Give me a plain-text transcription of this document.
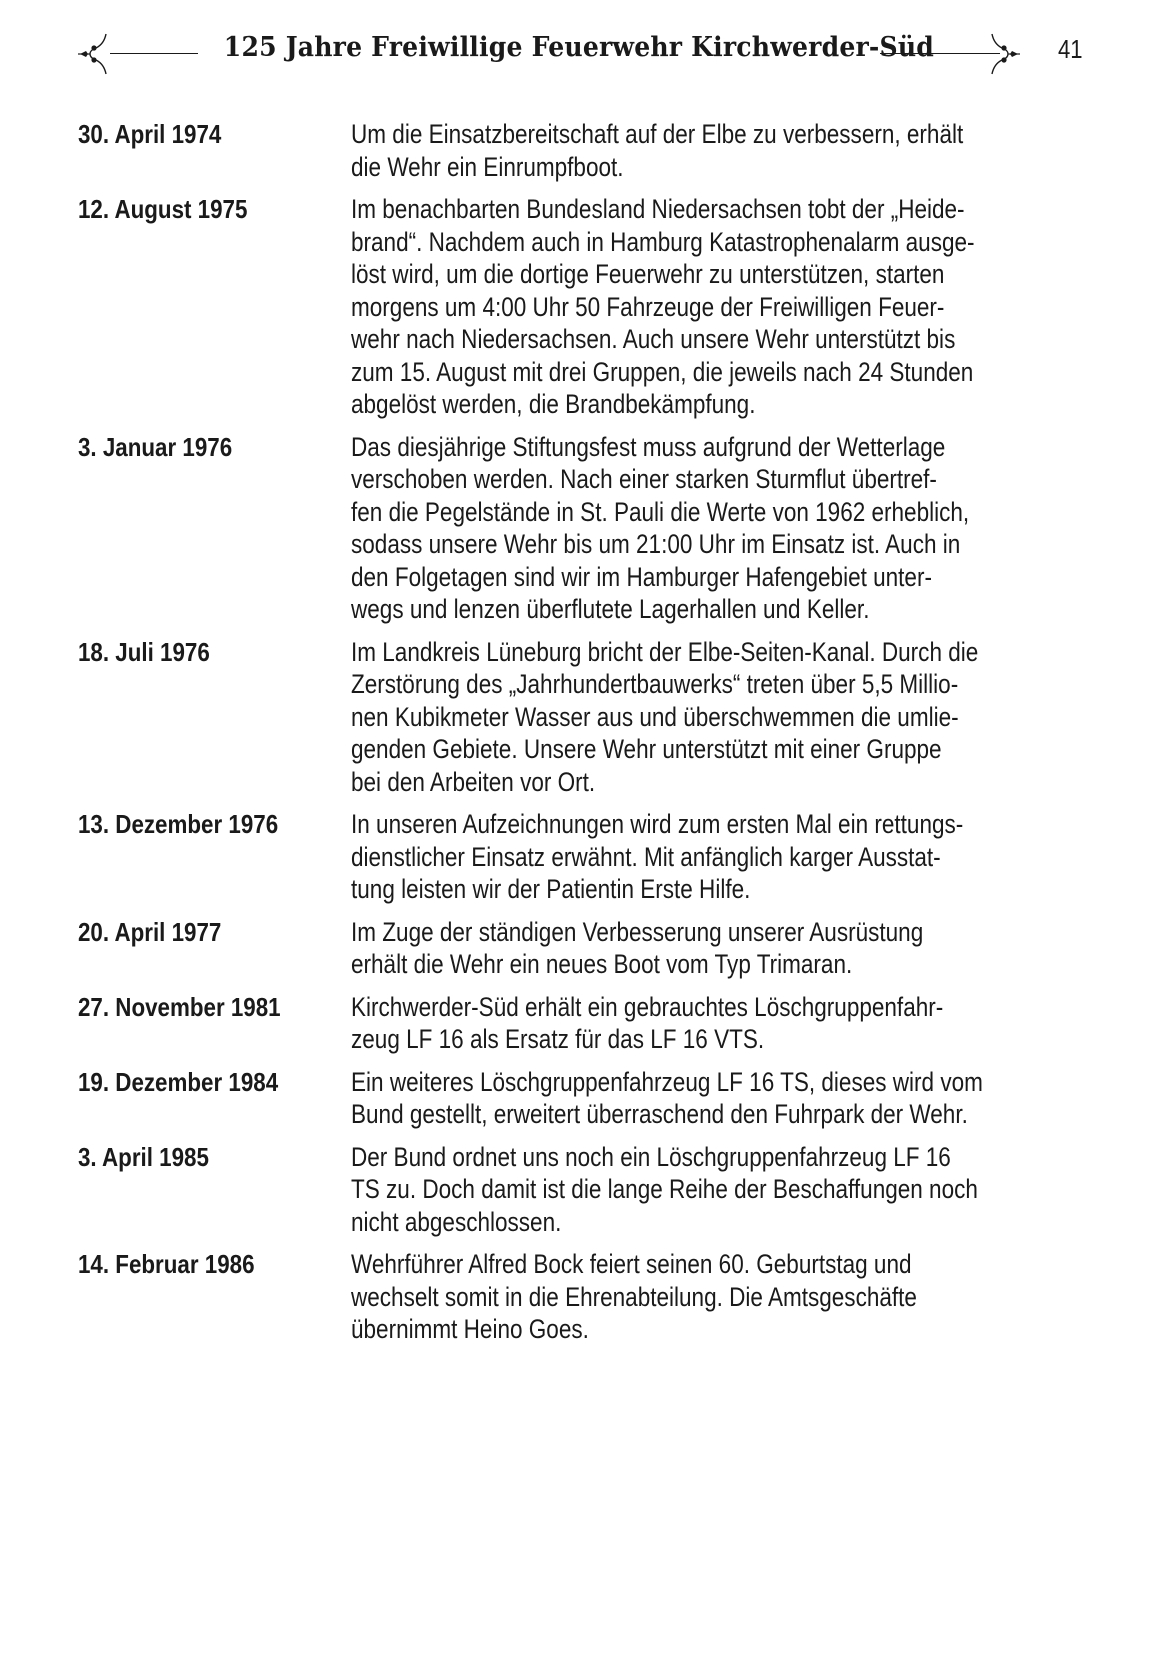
125 Jahre Freiwillige Feuerwehr Kirchwerder-Süd	41
30. April 1974	Um die Einsatzbereitschaft auf der Elbe zu verbessern, erhält
die Wehr ein Einrumpfboot.
12. August 1975	Im benachbarten Bundesland Niedersachsen tobt der „Heide-
brand“. Nachdem auch in Hamburg Katastrophenalarm ausge-
löst wird, um die dortige Feuerwehr zu unterstützen, starten
morgens um 4:00 Uhr 50 Fahrzeuge der Freiwilligen Feuer-
wehr nach Niedersachsen. Auch unsere Wehr unterstützt bis
zum 15. August mit drei Gruppen, die jeweils nach 24 Stunden
abgelöst werden, die Brandbekämpfung.
3. Januar 1976	Das diesjährige Stiftungsfest muss aufgrund der Wetterlage
verschoben werden. Nach einer starken Sturmflut übertref-
fen die Pegelstände in St. Pauli die Werte von 1962 erheblich,
sodass unsere Wehr bis um 21:00 Uhr im Einsatz ist. Auch in
den Folgetagen sind wir im Hamburger Hafengebiet unter-
wegs und lenzen überflutete Lagerhallen und Keller.
18. Juli 1976	Im Landkreis Lüneburg bricht der Elbe-Seiten-Kanal. Durch die
Zerstörung des „Jahrhundertbauwerks“ treten über 5,5 Millio-
nen Kubikmeter Wasser aus und überschwemmen die umlie-
genden Gebiete. Unsere Wehr unterstützt mit einer Gruppe
bei den Arbeiten vor Ort.
13. Dezember 1976	In unseren Aufzeichnungen wird zum ersten Mal ein rettungs-
dienstlicher Einsatz erwähnt. Mit anfänglich karger Ausstat-
tung leisten wir der Patientin Erste Hilfe.
20. April 1977	Im Zuge der ständigen Verbesserung unserer Ausrüstung
erhält die Wehr ein neues Boot vom Typ Trimaran.
27. November 1981	Kirchwerder-Süd erhält ein gebrauchtes Löschgruppenfahr-
zeug LF 16 als Ersatz für das LF 16 VTS.
19. Dezember 1984	Ein weiteres Löschgruppenfahrzeug LF 16 TS, dieses wird vom
Bund gestellt, erweitert überraschend den Fuhrpark der Wehr.
3. April 1985	Der Bund ordnet uns noch ein Löschgruppenfahrzeug LF 16
TS zu. Doch damit ist die lange Reihe der Beschaffungen noch
nicht abgeschlossen.
14. Februar 1986	Wehrführer Alfred Bock feiert seinen 60. Geburtstag und
wechselt somit in die Ehrenabteilung. Die Amtsgeschäfte
übernimmt Heino Goes.
